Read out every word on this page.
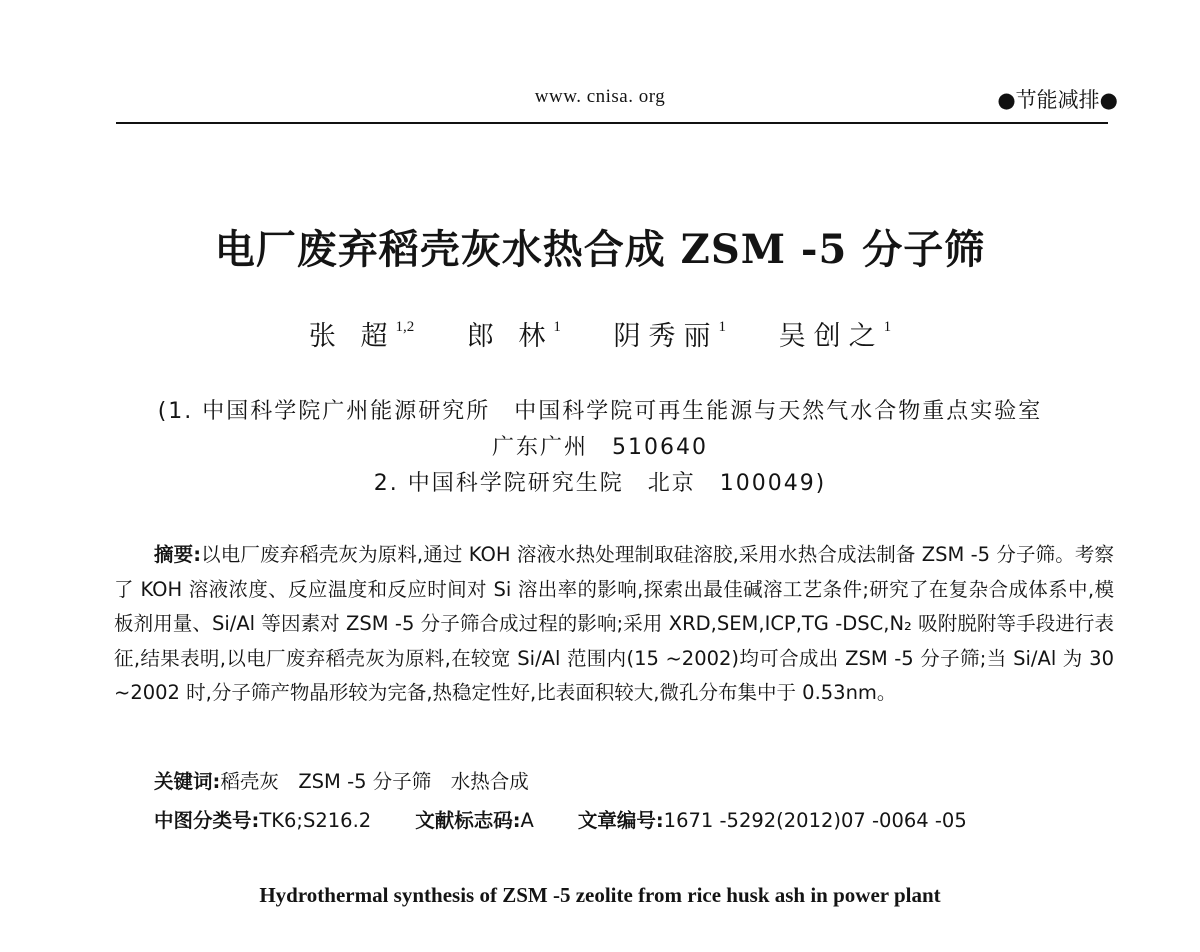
www. cnisa. org	●节能减排●
电厂废弃稻壳灰水热合成 ZSM -5 分子筛
张 超$^{1,2}$ 郎 林$^1$ 阴秀丽$^1$ 吴创之$^1$
(1. 中国科学院广州能源研究所　中国科学院可再生能源与天然气水合物重点实验室
广东广州　510640
2. 中国科学院研究生院　北京　100049)
摘要:以电厂废弃稻壳灰为原料,通过 KOH 溶液水热处理制取硅溶胶,采用水热合成法制备 ZSM -5 分子筛。考察了 KOH 溶液浓度、反应温度和反应时间对 Si 溶出率的影响,探索出最佳碱溶工艺条件;研究了在复杂合成体系中,模板剂用量、Si/Al 等因素对 ZSM -5 分子筛合成过程的影响;采用 XRD,SEM,ICP,TG -DSC,N₂ 吸附脱附等手段进行表征,结果表明,以电厂废弃稻壳灰为原料,在较宽 Si/Al 范围内(15 ~2002)均可合成出 ZSM -5 分子筛;当 Si/Al 为 30 ~2002 时,分子筛产物晶形较为完备,热稳定性好,比表面积较大,微孔分布集中于 0.53nm。
关键词:稻壳灰　ZSM -5 分子筛　水热合成
中图分类号:TK6;S216.2 文献标志码:A 文章编号:1671 -5292(2012)07 -0064 -05
Hydrothermal synthesis of ZSM -5 zeolite from rice husk ash in power plant
